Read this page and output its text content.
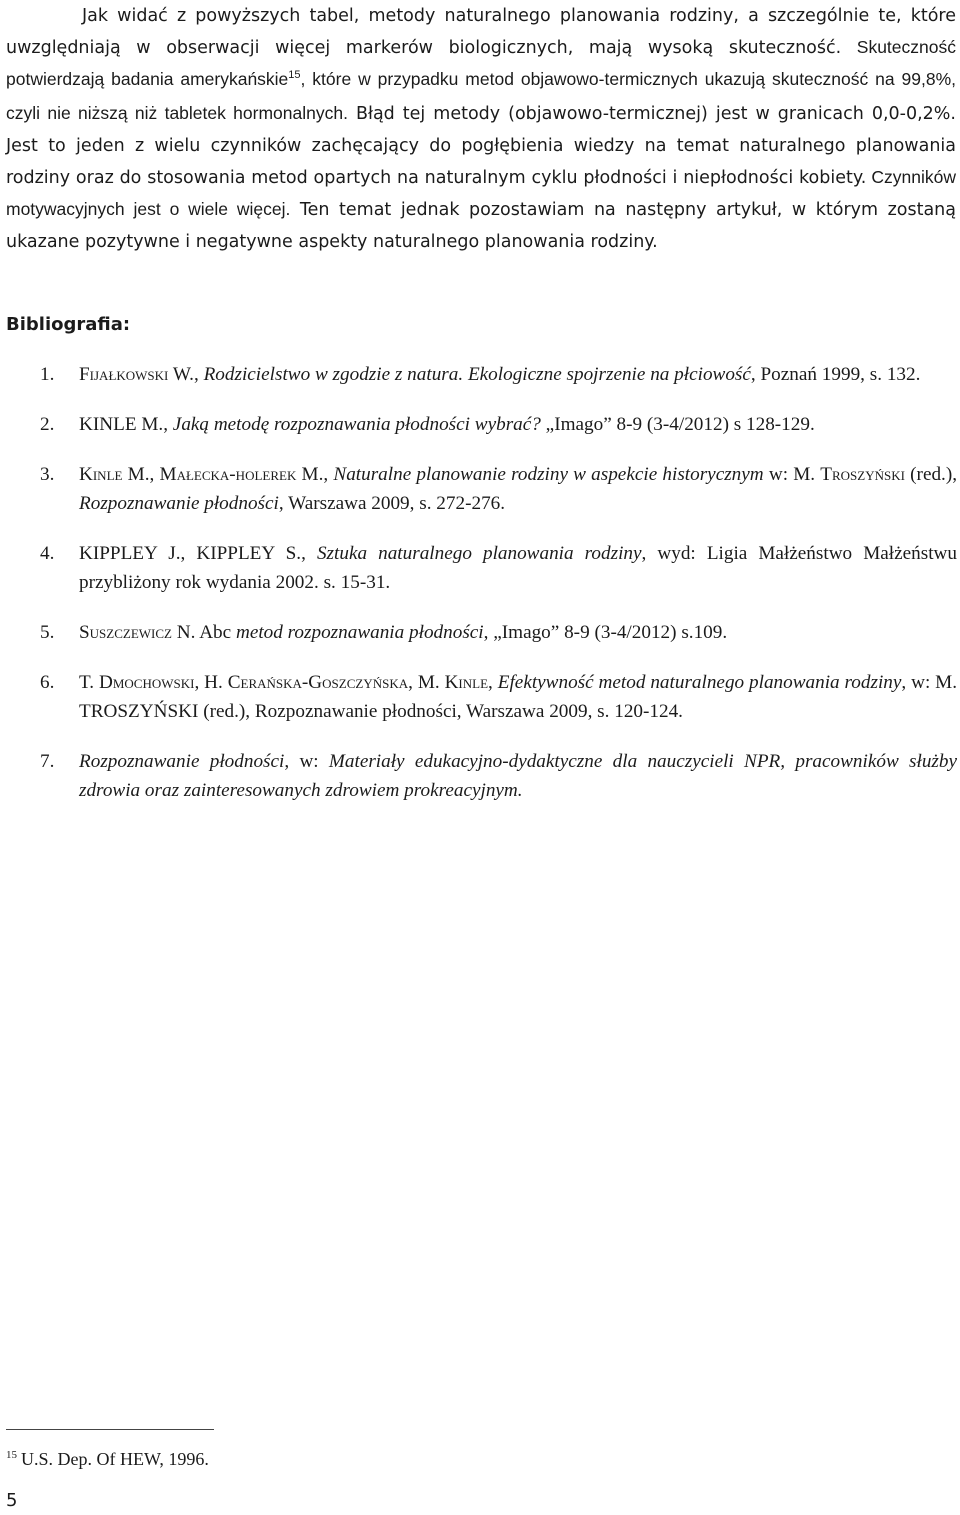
Jak widać z powyższych tabel, metody naturalnego planowania rodziny, a szczególnie te, które uwzględniają w obserwacji więcej markerów biologicznych, mają wysoką skuteczność. Skuteczność potwierdzają badania amerykańskie$^{15}$, które w przypadku metod objawowo-termicznych ukazują skuteczność na 99,8%, czyli nie niższą niż tabletek hormonalnych. Błąd tej metody (objawowo-termicznej) jest w granicach 0,0-0,2%. Jest to jeden z wielu czynników zachęcający do pogłębienia wiedzy na temat naturalnego planowania rodziny oraz do stosowania metod opartych na naturalnym cyklu płodności i niepłodności kobiety. Czynników motywacyjnych jest o wiele więcej. Ten temat jednak pozostawiam na następny artykuł, w którym zostaną ukazane pozytywne i negatywne aspekty naturalnego planowania rodziny.
Bibliografia:
1.	Fijałkowski W., Rodzicielstwo w zgodzie z natura. Ekologiczne spojrzenie na płciowość, Poznań 1999, s. 132.
2.	KINLE M., Jaką metodę rozpoznawania płodności wybrać? „Imago” 8-9 (3-4/2012) s 128-129.
3.	Kinle M., Małecka-holerek M., Naturalne planowanie rodziny w aspekcie historycznym w: M. Troszyński (red.), Rozpoznawanie płodności, Warszawa 2009, s. 272-276.
4.	KIPPLEY J., KIPPLEY S., Sztuka naturalnego planowania rodziny, wyd: Ligia Małżeństwo Małżeństwu przybliżony rok wydania 2002. s. 15-31.
5.	Suszczewicz N. Abc metod rozpoznawania płodności, „Imago” 8-9 (3-4/2012) s.109.
6.	T. Dmochowski, H. Cerańska-Goszczyńska, M. Kinle, Efektywność metod naturalnego planowania rodziny, w: M. TROSZYŃSKI (red.), Rozpoznawanie płodności, Warszawa 2009, s. 120-124.
7.	Rozpoznawanie płodności, w: Materiały edukacyjno-dydaktyczne dla nauczycieli NPR, pracowników służby zdrowia oraz zainteresowanych zdrowiem prokreacyjnym.
$^{15}$ U.S. Dep. Of HEW, 1996.
5
